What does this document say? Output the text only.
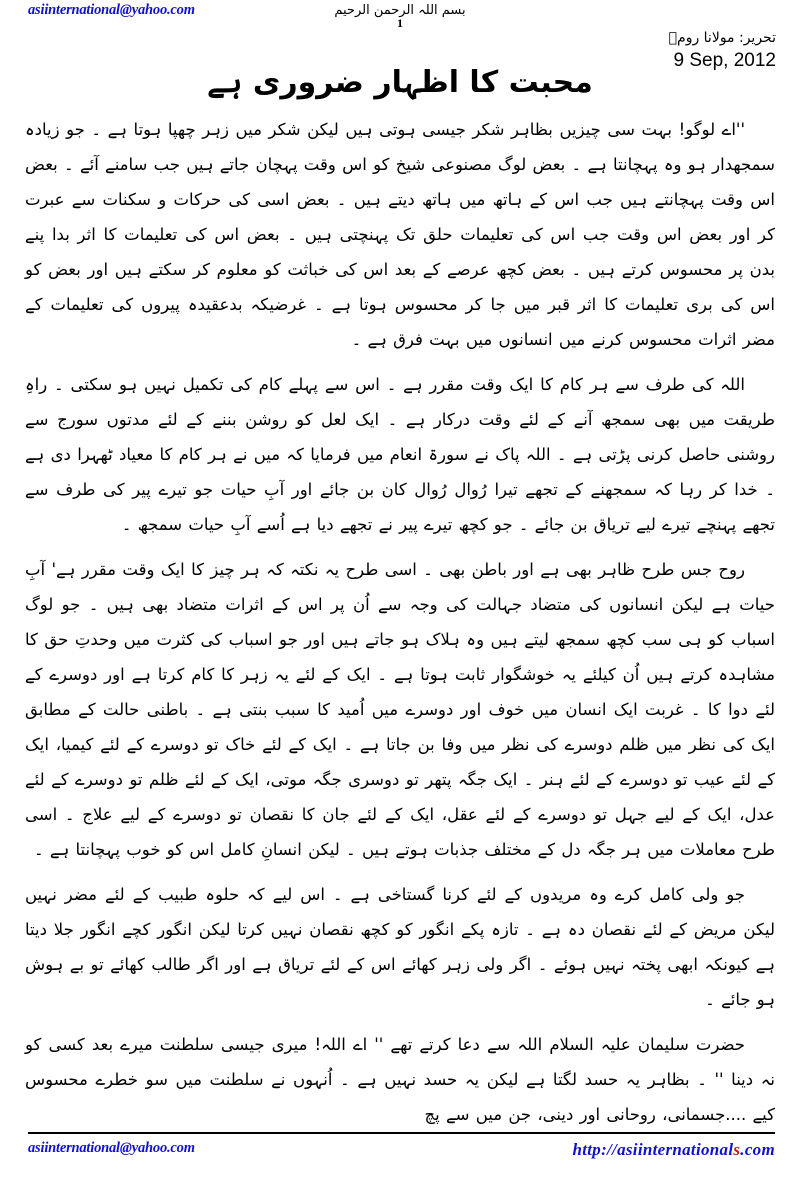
asiinternational@yahoo.com	بسم اللہ الرحمن الرحیم
1
تحریر: مولانا رومؒ
9 Sep, 2012
محبت کا اظہار ضروری ہے

''اے لوگو! بہت سی چیزیں بظاہر شکر جیسی ہوتی ہیں لیکن شکر میں زہر چھپا ہوتا ہے ۔ جو زیادہ سمجھدار ہو وہ پہچانتا ہے ۔ بعض لوگ مصنوعی شیخ کو اس وقت پہچان جاتے ہیں جب سامنے آئے ۔ بعض اس وقت پہچانتے ہیں جب اس کے ہاتھ میں ہاتھ دیتے ہیں ۔ بعض اسی کی حرکات و سکنات سے عبرت کر اور بعض اس وقت جب اس کی تعلیمات حلق تک پہنچتی ہیں ۔ بعض اس کی تعلیمات کا اثر بدا پنے بدن پر محسوس کرتے ہیں ۔ بعض کچھ عرصے کے بعد اس کی خباثت کو معلوم کر سکتے ہیں اور بعض کو اس کی بری تعلیمات کا اثر قبر میں جا کر محسوس ہوتا ہے ۔ غرضیکہ بدعقیدہ پیروں کی تعلیمات کے مضر اثرات محسوس کرنے میں انسانوں میں بہت فرق ہے ۔

اللہ کی طرف سے ہر کام کا ایک وقت مقرر ہے ۔ اس سے پہلے کام کی تکمیل نہیں ہو سکتی ۔ راہِ طریقت میں بھی سمجھ آنے کے لئے وقت درکار ہے ۔ ایک لعل کو روشن بننے کے لئے مدتوں سورج سے روشنی حاصل کرنی پڑتی ہے ۔ اللہ پاک نے سورۃ انعام میں فرمایا کہ میں نے ہر کام کا معیاد ٹھہرا دی ہے ۔ خدا کر رہا کہ سمجھنے کے تجھے تیرا رُوال رُوال کان بن جائے اور آبِ حیات جو تیرے پیر کی طرف سے تجھے پہنچے تیرے لیے تریاق بن جائے ۔ جو کچھ تیرے پیر نے تجھے دیا ہے اُسے آبِ حیات سمجھ ۔

روح جس طرح ظاہر بھی ہے اور باطن بھی ۔ اسی طرح یہ نکتہ کہ ہر چیز کا ایک وقت مقرر ہے' آبِ حیات ہے لیکن انسانوں کی متضاد جہالت کی وجہ سے اُن پر اس کے اثرات متضاد بھی ہیں ۔ جو لوگ اسباب کو ہی سب کچھ سمجھ لیتے ہیں وہ ہلاک ہو جاتے ہیں اور جو اسباب کی کثرت میں وحدتِ حق کا مشاہدہ کرتے ہیں اُن کیلئے یہ خوشگوار ثابت ہوتا ہے ۔ ایک کے لئے یہ زہر کا کام کرتا ہے اور دوسرے کے لئے دوا کا ۔ غربت ایک انسان میں خوف اور دوسرے میں اُمید کا سبب بنتی ہے ۔ باطنی حالت کے مطابق ایک کی نظر میں ظلم دوسرے کی نظر میں وفا بن جاتا ہے ۔ ایک کے لئے خاک تو دوسرے کے لئے کیمیا، ایک کے لئے عیب تو دوسرے کے لئے ہنر ۔ ایک جگہ پتھر تو دوسری جگہ موتی، ایک کے لئے ظلم تو دوسرے کے لئے عدل، ایک کے لیے جہل تو دوسرے کے لئے عقل، ایک کے لئے جان کا نقصان تو دوسرے کے لیے علاج ۔ اسی طرح معاملات میں ہر جگہ دل کے مختلف جذبات ہوتے ہیں ۔ لیکن انسانِ کامل اس کو خوب پہچانتا ہے ۔

جو ولی کامل کرے وہ مریدوں کے لئے کرنا گستاخی ہے ۔ اس لیے کہ حلوہ طبیب کے لئے مضر نہیں لیکن مریض کے لئے نقصان دہ ہے ۔ تازہ پکے انگور کو کچھ نقصان نہیں کرتا لیکن انگور کچے انگور جلا دیتا ہے کیونکہ ابھی پختہ نہیں ہوئے ۔ اگر ولی زہر کھائے اس کے لئے تریاق ہے اور اگر طالب کھائے تو بے ہوش ہو جائے ۔

حضرت سلیمان علیہ السلام اللہ سے دعا کرتے تھے '' اے اللہ! میری جیسی سلطنت میرے بعد کسی کو نہ دینا '' ۔ بظاہر یہ حسد لگتا ہے لیکن یہ حسد نہیں ہے ۔ اُنہوں نے سلطنت میں سو خطرے محسوس کیے ....جسمانی، روحانی اور دینی، جن میں سے پچ

asiinternational@yahoo.com	http://asiinternationals.com
